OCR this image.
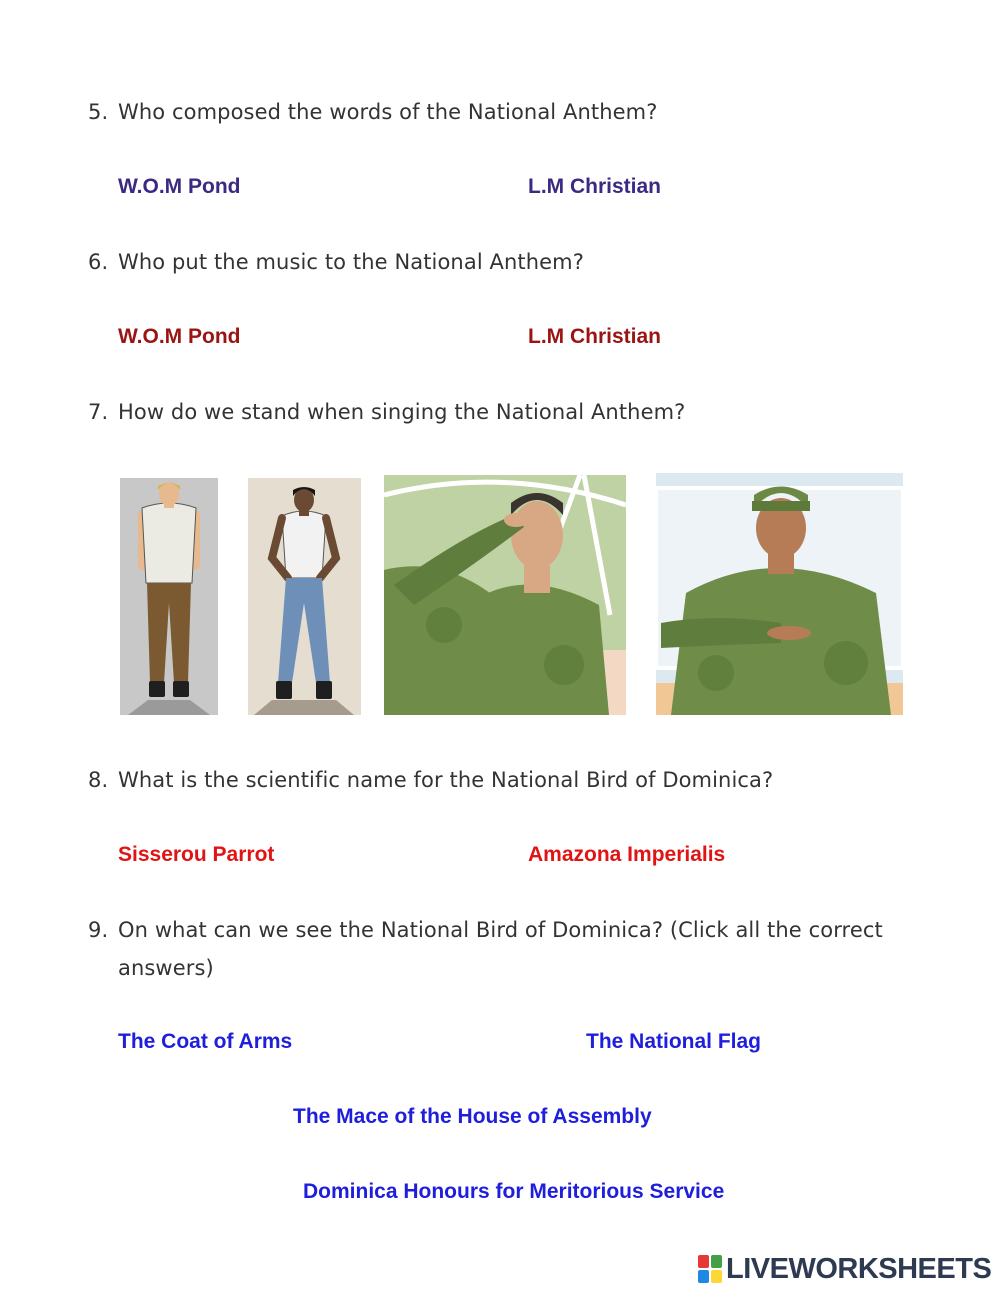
5. Who composed the words of the National Anthem?
W.O.M Pond	L.M Christian
6. Who put the music to the National Anthem?
W.O.M Pond	L.M Christian
7. How do we stand when singing the National Anthem?
8. What is the scientific name for the National Bird of Dominica?
Sisserou Parrot	Amazona Imperialis
9. On what can we see the National Bird of Dominica? (Click all the correct
answers)
The Coat of Arms	The National Flag
The Mace of the House of Assembly
Dominica Honours for Meritorious Service
LIVEWORKSHEETS
